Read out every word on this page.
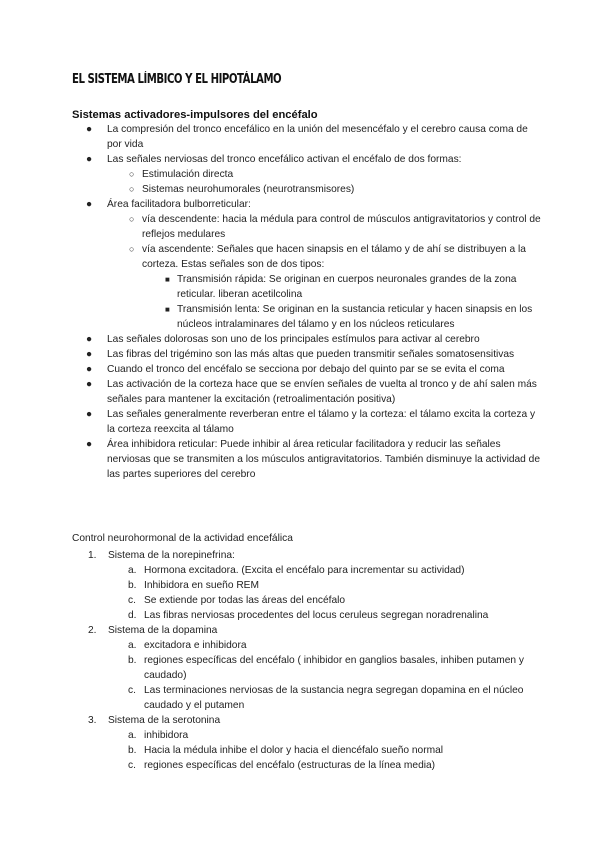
EL SISTEMA LÍMBICO Y EL HIPOTÁLAMO
Sistemas activadores-impulsores del encéfalo
● La compresión del tronco encefálico en la unión del mesencéfalo y el cerebro causa coma de por vida
● Las señales nerviosas del tronco encefálico activan el encéfalo de dos formas:
○ Estimulación directa
○ Sistemas neurohumorales (neurotransmisores)
● Área facilitadora bulborreticular:
○ vía descendente: hacia la médula para control de músculos antigravitatorios y control de reflejos medulares
○ vía ascendente: Señales que hacen sinapsis en el tálamo y de ahí se distribuyen a la corteza. Estas señales son de dos tipos:
■ Transmisión rápida: Se originan en cuerpos neuronales grandes de la zona reticular. liberan acetilcolina
■ Transmisión lenta: Se originan en la sustancia reticular y hacen sinapsis en los núcleos intralaminares del tálamo y en los núcleos reticulares
● Las señales dolorosas son uno de los principales estímulos para activar al cerebro
● Las fibras del trigémino son las más altas que pueden transmitir señales somatosensitivas
● Cuando el tronco del encéfalo se secciona por debajo del quinto par se se evita el coma
● Las activación de la corteza hace que se envíen señales de vuelta al tronco y de ahí salen más señales para mantener la excitación (retroalimentación positiva)
● Las señales generalmente reverberan entre el tálamo y la corteza: el tálamo excita la corteza y la corteza reexcita al tálamo
● Área inhibidora reticular: Puede inhibir al área reticular facilitadora y reducir las señales nerviosas que se transmiten a los músculos antigravitatorios. También disminuye la actividad de las partes superiores del cerebro
Control neurohormonal de la actividad encefálica
1. Sistema de la norepinefrina:
a. Hormona excitadora. (Excita el encéfalo para incrementar su actividad)
b. Inhibidora en sueño REM
c. Se extiende por todas las áreas del encéfalo
d. Las fibras nerviosas procedentes del locus ceruleus segregan noradrenalina
2. Sistema de la dopamina
a. excitadora e inhibidora
b. regiones específicas del encéfalo ( inhibidor en ganglios basales, inhiben putamen y caudado)
c. Las terminaciones nerviosas de la sustancia negra segregan dopamina en el núcleo caudado y el putamen
3. Sistema de la serotonina
a. inhibidora
b. Hacia la médula inhibe el dolor y hacia el diencéfalo sueño normal
c. regiones específicas del encéfalo (estructuras de la línea media)
